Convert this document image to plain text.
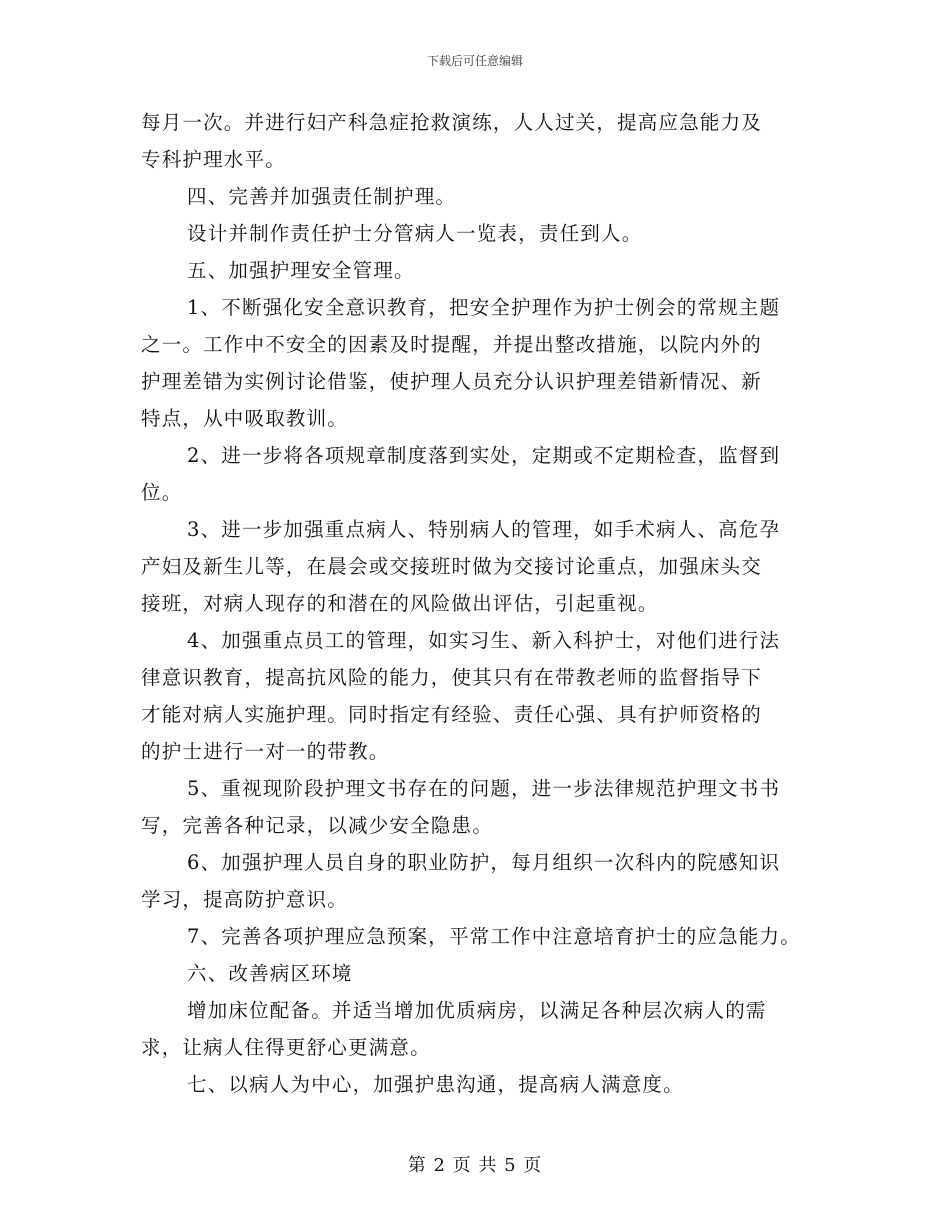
下载后可任意编辑

每月一次。并进行妇产科急症抢救演练，人人过关，提高应急能力及

专科护理水平。

四、完善并加强责任制护理。

设计并制作责任护士分管病人一览表，责任到人。

五、加强护理安全管理。

1、不断强化安全意识教育，把安全护理作为护士例会的常规主题

之一。工作中不安全的因素及时提醒，并提出整改措施，以院内外的

护理差错为实例讨论借鉴，使护理人员充分认识护理差错新情况、新

特点，从中吸取教训。

2、进一步将各项规章制度落到实处，定期或不定期检查，监督到

位。

3、进一步加强重点病人、特别病人的管理，如手术病人、高危孕

产妇及新生儿等，在晨会或交接班时做为交接讨论重点，加强床头交

接班，对病人现存的和潜在的风险做出评估，引起重视。

4、加强重点员工的管理，如实习生、新入科护士，对他们进行法

律意识教育，提高抗风险的能力，使其只有在带教老师的监督指导下

才能对病人实施护理。同时指定有经验、责任心强、具有护师资格的

的护士进行一对一的带教。

5、重视现阶段护理文书存在的问题，进一步法律规范护理文书书

写，完善各种记录，以减少安全隐患。

6、加强护理人员自身的职业防护，每月组织一次科内的院感知识

学习，提高防护意识。

7、完善各项护理应急预案，平常工作中注意培育护士的应急能力。

六、改善病区环境

增加床位配备。并适当增加优质病房，以满足各种层次病人的需

求，让病人住得更舒心更满意。

七、以病人为中心，加强护患沟通，提高病人满意度。

第 2 页 共 5 页
